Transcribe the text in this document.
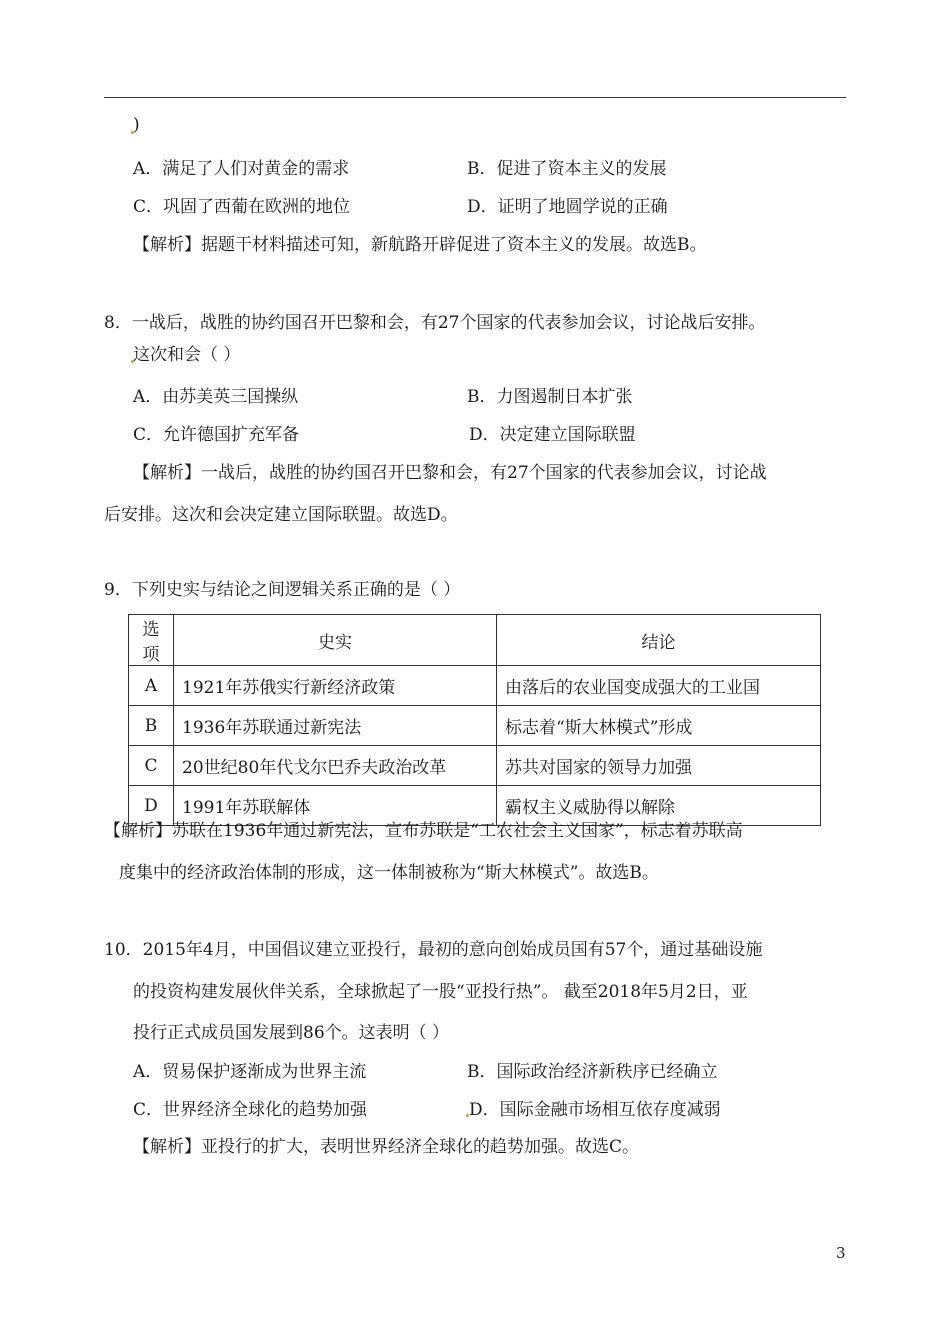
)
A．满足了人们对黄金的需求	B．促进了资本主义的发展
C．巩固了西葡在欧洲的地位	D．证明了地圆学说的正确
【解析】据题干材料描述可知，新航路开辟促进了资本主义的发展。故选B。
8．一战后，战胜的协约国召开巴黎和会，有27个国家的代表参加会议，讨论战后安排。
这次和会（ ）
A．由苏美英三国操纵	B．力图遏制日本扩张
C．允许德国扩充军备	D．决定建立国际联盟
【解析】一战后，战胜的协约国召开巴黎和会，有27个国家的代表参加会议，讨论战
后安排。这次和会决定建立国际联盟。故选D。
9．下列史实与结论之间逻辑关系正确的是（ ）
选项	史实	结论
A	1921年苏俄实行新经济政策	由落后的农业国变成强大的工业国
B	1936年苏联通过新宪法	标志着“斯大林模式”形成
C	20世纪80年代戈尔巴乔夫政治改革	苏共对国家的领导力加强
D	1991年苏联解体	霸权主义威胁得以解除
【解析】苏联在1936年通过新宪法，宣布苏联是“工农社会主义国家”，标志着苏联高
度集中的经济政治体制的形成，这一体制被称为“斯大林模式”。故选B。
10．2015年4月，中国倡议建立亚投行，最初的意向创始成员国有57个，通过基础设施
的投资构建发展伙伴关系，全球掀起了一股“亚投行热”。 截至2018年5月2日，亚
投行正式成员国发展到86个。这表明（ ）
A．贸易保护逐渐成为世界主流	B．国际政治经济新秩序已经确立
C．世界经济全球化的趋势加强	D．国际金融市场相互依存度减弱
【解析】亚投行的扩大，表明世界经济全球化的趋势加强。故选C。
3
